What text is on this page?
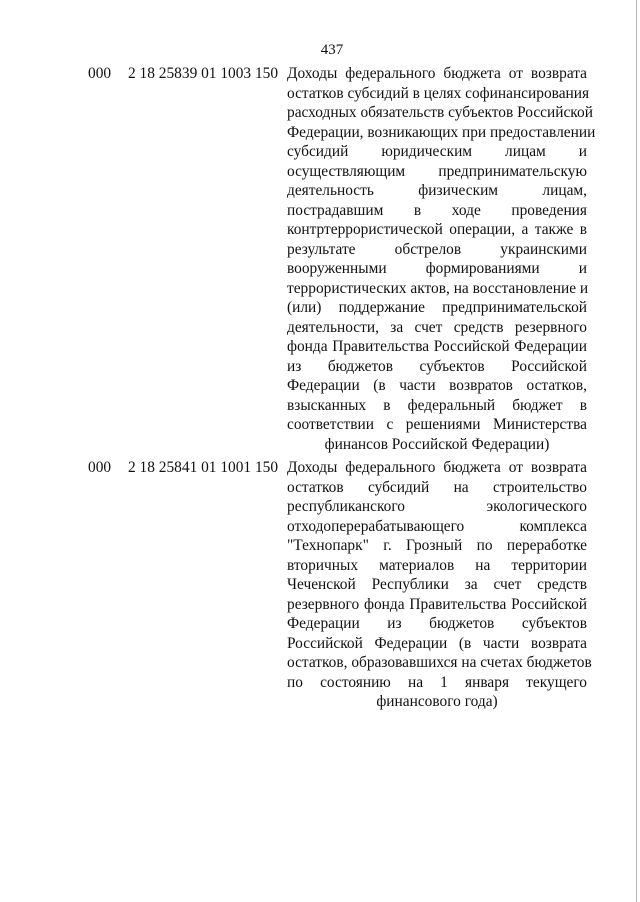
437
000 2 18 25839 01 1003 150 Доходы федерального бюджета от возврата
остатков субсидий в целях софинансирования
расходных обязательств субъектов Российской
Федерации, возникающих при предоставлении
субсидий юридическим лицам и
осуществляющим предпринимательскую
деятельность физическим лицам,
пострадавшим в ходе проведения
контртеррористической операции, а также в
результате обстрелов украинскими
вооруженными формированиями и
террористических актов, на восстановление и
(или) поддержание предпринимательской
деятельности, за счет средств резервного
фонда Правительства Российской Федерации
из бюджетов субъектов Российской
Федерации (в части возвратов остатков,
взысканных в федеральный бюджет в
соответствии с решениями Министерства
финансов Российской Федерации)
000 2 18 25841 01 1001 150 Доходы федерального бюджета от возврата
остатков субсидий на строительство
республиканского экологического
отходоперерабатывающего комплекса
"Технопарк" г. Грозный по переработке
вторичных материалов на территории
Чеченской Республики за счет средств
резервного фонда Правительства Российской
Федерации из бюджетов субъектов
Российской Федерации (в части возврата
остатков, образовавшихся на счетах бюджетов
по состоянию на 1 января текущего
финансового года)
